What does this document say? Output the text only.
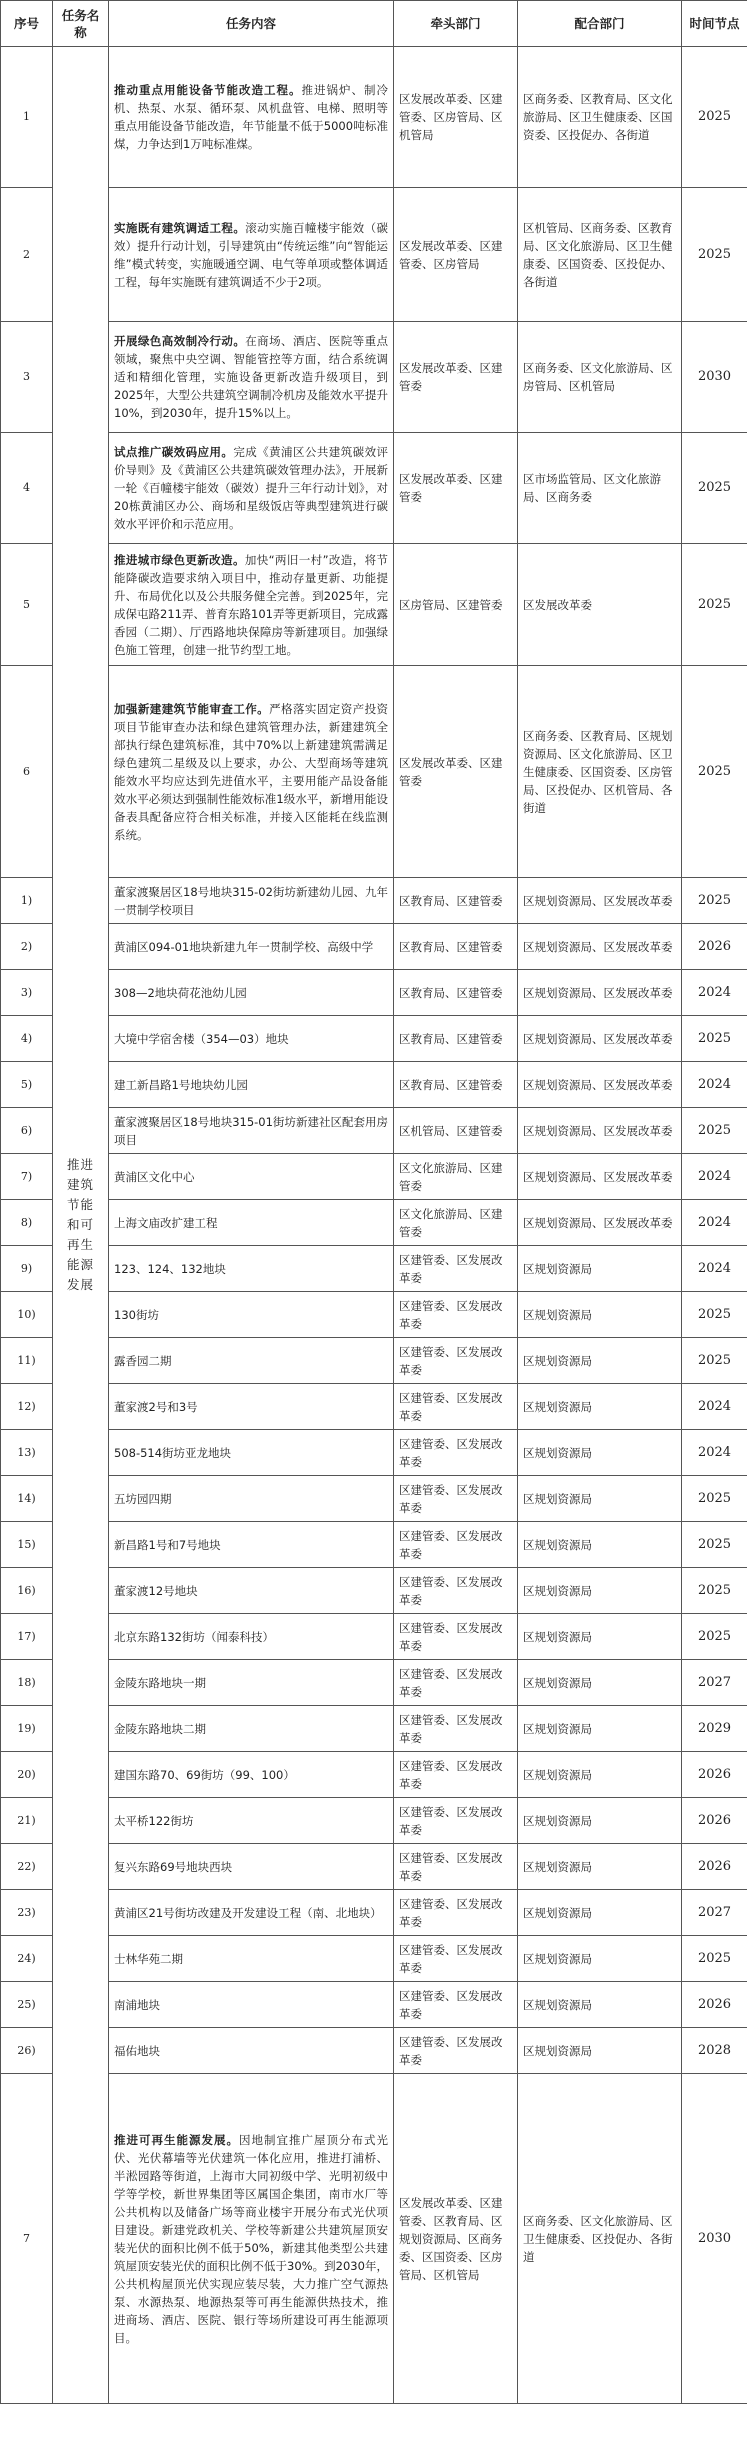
序号	任务名称	任务内容	牵头部门	配合部门	时间节点
1	推进建筑节能和可再生能源发展	推动重点用能设备节能改造工程。推进锅炉、制冷机、热泵、水泵、循环泵、风机盘管、电梯、照明等重点用能设备节能改造，年节能量不低于5000吨标准煤，力争达到1万吨标准煤。	区发展改革委、区建管委、区房管局、区机管局	区商务委、区教育局、区文化旅游局、区卫生健康委、区国资委、区投促办、各街道	2025
2		实施既有建筑调适工程。滚动实施百幢楼宇能效（碳效）提升行动计划，引导建筑由“传统运维”向“智能运维”模式转变，实施暖通空调、电气等单项或整体调适工程，每年实施既有建筑调适不少于2项。	区发展改革委、区建管委、区房管局	区机管局、区商务委、区教育局、区文化旅游局、区卫生健康委、区国资委、区投促办、各街道	2025
3		开展绿色高效制冷行动。在商场、酒店、医院等重点领域，聚焦中央空调、智能管控等方面，结合系统调适和精细化管理，实施设备更新改造升级项目，到2025年，大型公共建筑空调制冷机房及能效水平提升10%，到2030年，提升15%以上。	区发展改革委、区建管委	区商务委、区文化旅游局、区房管局、区机管局	2030
4		试点推广碳效码应用。完成《黄浦区公共建筑碳效评价导则》及《黄浦区公共建筑碳效管理办法》，开展新一轮《百幢楼宇能效（碳效）提升三年行动计划》，对20栋黄浦区办公、商场和星级饭店等典型建筑进行碳效水平评价和示范应用。	区发展改革委、区建管委	区市场监管局、区文化旅游局、区商务委	2025
5		推进城市绿色更新改造。加快“两旧一村”改造，将节能降碳改造要求纳入项目中，推动存量更新、功能提升、布局优化以及公共服务健全完善。到2025年，完成保屯路211弄、普育东路101弄等更新项目，完成露香园（二期）、厅西路地块保障房等新建项目。加强绿色施工管理，创建一批节约型工地。	区房管局、区建管委	区发展改革委	2025
6		加强新建建筑节能审查工作。严格落实固定资产投资项目节能审查办法和绿色建筑管理办法，新建建筑全部执行绿色建筑标准，其中70%以上新建建筑需满足绿色建筑二星级及以上要求，办公、大型商场等建筑能效水平均应达到先进值水平，主要用能产品设备能效水平必须达到强制性能效标准1级水平，新增用能设备表具配备应符合相关标准，并接入区能耗在线监测系统。	区发展改革委、区建管委	区商务委、区教育局、区规划资源局、区文化旅游局、区卫生健康委、区国资委、区房管局、区投促办、区机管局、各街道	2025
1)		董家渡聚居区18号地块315-02街坊新建幼儿园、九年一贯制学校项目	区教育局、区建管委	区规划资源局、区发展改革委	2025
2)		黄浦区094-01地块新建九年一贯制学校、高级中学	区教育局、区建管委	区规划资源局、区发展改革委	2026
3)		308—2地块荷花池幼儿园	区教育局、区建管委	区规划资源局、区发展改革委	2024
4)		大境中学宿舍楼（354—03）地块	区教育局、区建管委	区规划资源局、区发展改革委	2025
5)		建工新昌路1号地块幼儿园	区教育局、区建管委	区规划资源局、区发展改革委	2024
6)		董家渡聚居区18号地块315-01街坊新建社区配套用房项目	区机管局、区建管委	区规划资源局、区发展改革委	2025
7)		黄浦区文化中心	区文化旅游局、区建管委	区规划资源局、区发展改革委	2024
8)		上海文庙改扩建工程	区文化旅游局、区建管委	区规划资源局、区发展改革委	2024
9)		123、124、132地块	区建管委、区发展改革委	区规划资源局	2024
10)		130街坊	区建管委、区发展改革委	区规划资源局	2025
11)		露香园二期	区建管委、区发展改革委	区规划资源局	2025
12)		董家渡2号和3号	区建管委、区发展改革委	区规划资源局	2024
13)		508-514街坊亚龙地块	区建管委、区发展改革委	区规划资源局	2024
14)		五坊园四期	区建管委、区发展改革委	区规划资源局	2025
15)		新昌路1号和7号地块	区建管委、区发展改革委	区规划资源局	2025
16)		董家渡12号地块	区建管委、区发展改革委	区规划资源局	2025
17)		北京东路132街坊（闻泰科技）	区建管委、区发展改革委	区规划资源局	2025
18)		金陵东路地块一期	区建管委、区发展改革委	区规划资源局	2027
19)		金陵东路地块二期	区建管委、区发展改革委	区规划资源局	2029
20)		建国东路70、69街坊（99、100）	区建管委、区发展改革委	区规划资源局	2026
21)		太平桥122街坊	区建管委、区发展改革委	区规划资源局	2026
22)		复兴东路69号地块西块	区建管委、区发展改革委	区规划资源局	2026
23)		黄浦区21号街坊改建及开发建设工程（南、北地块）	区建管委、区发展改革委	区规划资源局	2027
24)		士林华苑二期	区建管委、区发展改革委	区规划资源局	2025
25)		南浦地块	区建管委、区发展改革委	区规划资源局	2026
26)		福佑地块	区建管委、区发展改革委	区规划资源局	2028
7		推进可再生能源发展。因地制宜推广屋顶分布式光伏、光伏幕墙等光伏建筑一体化应用，推进打浦桥、半淞园路等街道，上海市大同初级中学、光明初级中学等学校，新世界集团等区属国企集团，南市水厂等公共机构以及储备广场等商业楼宇开展分布式光伏项目建设。新建党政机关、学校等新建公共建筑屋顶安装光伏的面积比例不低于50%，新建其他类型公共建筑屋顶安装光伏的面积比例不低于30%。到2030年，公共机构屋顶光伏实现应装尽装，大力推广空气源热泵、水源热泵、地源热泵等可再生能源供热技术，推进商场、酒店、医院、银行等场所建设可再生能源项目。	区发展改革委、区建管委、区教育局、区规划资源局、区商务委、区国资委、区房管局、区机管局	区商务委、区文化旅游局、区卫生健康委、区投促办、各街道	2030
